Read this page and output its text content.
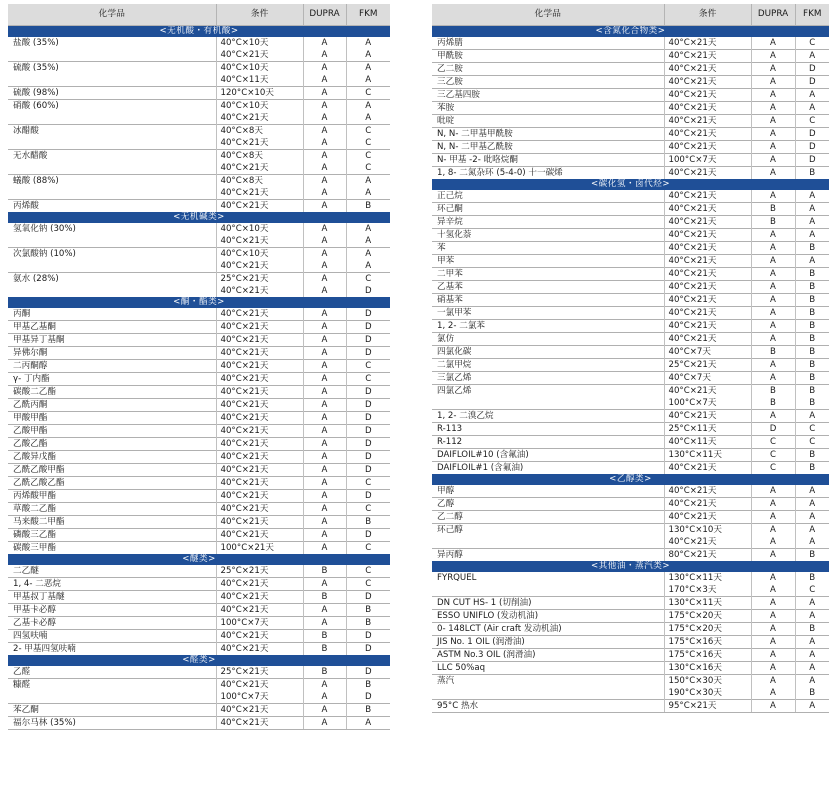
化学品	条件	DUPRA	FKM
<无机酸・有机酸>			
盐酸 (35%)	40°C×10天	A	A
	40°C×21天	A	A
硫酸 (35%)	40°C×10天	A	A
	40°C×11天	A	A
硫酸 (98%)	120°C×10天	A	C
硝酸 (60%)	40°C×10天	A	A
	40°C×21天	A	A
冰醋酸	40°C×8天	A	C
	40°C×21天	A	C
无水醋酸	40°C×8天	A	C
	40°C×21天	A	C
蟻酸 (88%)	40°C×8天	A	A
	40°C×21天	A	A
丙烯酸	40°C×21天	A	B
<无机碱类>			
氢氧化钠 (30%)	40°C×10天	A	A
	40°C×21天	A	A
次氯酸钠 (10%)	40°C×10天	A	A
	40°C×21天	A	A
氨水 (28%)	25°C×21天	A	C
	40°C×21天	A	D
<酮・酯类>			
丙酮	40°C×21天	A	D
甲基乙基酮	40°C×21天	A	D
甲基异丁基酮	40°C×21天	A	D
异佛尔酮	40°C×21天	A	D
二丙酮醇	40°C×21天	A	C
γ- 丁内酯	40°C×21天	A	C
碳酸二乙酯	40°C×21天	A	D
乙酰丙酮	40°C×21天	A	D
甲酸甲酯	40°C×21天	A	D
乙酸甲酯	40°C×21天	A	D
乙酸乙酯	40°C×21天	A	D
乙酸异戊酯	40°C×21天	A	D
乙酰乙酸甲酯	40°C×21天	A	D
乙酰乙酸乙酯	40°C×21天	A	C
丙烯酸甲酯	40°C×21天	A	D
草酸二乙酯	40°C×21天	A	C
马来酸二甲酯	40°C×21天	A	B
磷酸三乙酯	40°C×21天	A	D
碳酸三甲酯	100°C×21天	A	C
<醚类>			
二乙醚	25°C×21天	B	C
1, 4- 二恶烷	40°C×21天	A	C
甲基叔丁基醚	40°C×21天	B	D
甲基卡必醇	40°C×21天	A	B
乙基卡必醇	100°C×7天	A	B
四氢呋喃	40°C×21天	B	D
2- 甲基四氢呋喃	40°C×21天	B	D
<醛类>			
乙醛	25°C×21天	B	D
糠醛	40°C×21天	A	B
	100°C×7天	A	D
苯乙酮	40°C×21天	A	B
福尔马林 (35%)	40°C×21天	A	A
化学品	条件	DUPRA	FKM
<含氮化合物类>			
丙烯腈	40°C×21天	A	C
甲酰胺	40°C×21天	A	A
乙二胺	40°C×21天	A	D
三乙胺	40°C×21天	A	D
三乙基四胺	40°C×21天	A	A
苯胺	40°C×21天	A	A
吡啶	40°C×21天	A	C
N, N- 二甲基甲酰胺	40°C×21天	A	D
N, N- 二甲基乙酰胺	40°C×21天	A	D
N- 甲基 -2- 吡咯烷酮	100°C×7天	A	D
1, 8- 二氮杂环 (5-4-0) 十一碳烯	40°C×21天	A	B
<碳化氢・卤代烃>			
正己烷	40°C×21天	A	A
环己酮	40°C×21天	B	A
异辛烷	40°C×21天	B	A
十氢化萘	40°C×21天	A	A
苯	40°C×21天	A	B
甲苯	40°C×21天	A	A
二甲苯	40°C×21天	A	B
乙基苯	40°C×21天	A	B
硝基苯	40°C×21天	A	B
一氯甲苯	40°C×21天	A	B
1, 2- 二氯苯	40°C×21天	A	B
氯仿	40°C×21天	A	B
四氯化碳	40°C×7天	B	B
二氯甲烷	25°C×21天	A	B
三氯乙烯	40°C×7天	A	B
四氯乙烯	40°C×21天	B	B
	100°C×7天	B	B
1, 2- 二溴乙烷	40°C×21天	A	A
R-113	25°C×11天	D	C
R-112	40°C×11天	C	C
DAIFLOIL#10 (含氟油)	130°C×11天	C	B
DAIFLOIL#1 (含氟油)	40°C×21天	C	B
<乙醇类>			
甲醇	40°C×21天	A	A
乙醇	40°C×21天	A	A
乙二醇	40°C×21天	A	A
环己醇	130°C×10天	A	A
	40°C×21天	A	A
异丙醇	80°C×21天	A	B
<其他油・蒸汽类>			
FYRQUEL	130°C×11天	A	B
	170°C×3天	A	C
DN CUT HS- 1 (切削油)	130°C×11天	A	A
ESSO UNIFLO (发动机油)	175°C×20天	A	A
0- 148LCT (Air craft 发动机油)	175°C×20天	A	B
JIS No. 1 OIL (润滑油)	175°C×16天	A	A
ASTM No.3 OIL (润滑油)	175°C×16天	A	A
LLC 50%aq	130°C×16天	A	A
蒸汽	150°C×30天	A	A
	190°C×30天	A	B
95°C 热水	95°C×21天	A	A
